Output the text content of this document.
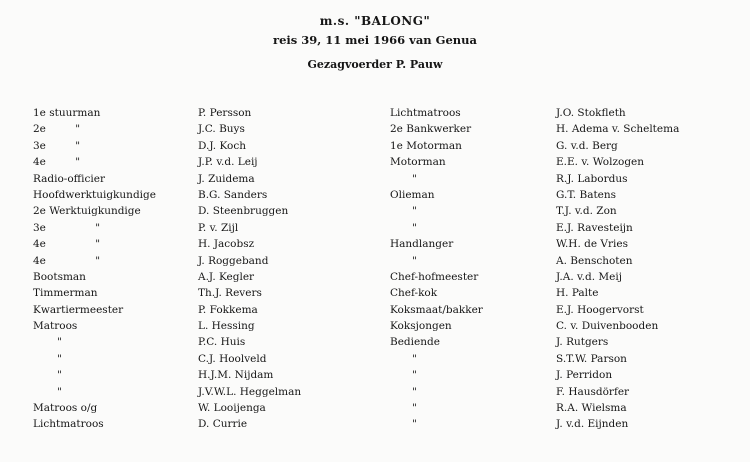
m.s. "BALONG"
reis 39, 11 mei 1966 van Genua
Gezagvoerder P. Pauw
1e stuurman
2e "
3e "
4e "
Radio-officier
Hoofdwerktuigkundige
2e Werktuigkundige
3e "
4e "
4e "
Bootsman
Timmerman
Kwartiermeester
Matroos
"
"
"
"
Matroos o/g
Lichtmatroos
P. Persson
J.C. Buys
D.J. Koch
J.P. v.d. Leij
J. Zuidema
B.G. Sanders
D. Steenbruggen
P. v. Zijl
H. Jacobsz
J. Roggeband
A.J. Kegler
Th.J. Revers
P. Fokkema
L. Hessing
P.C. Huis
C.J. Hoolveld
H.J.M. Nijdam
J.V.W.L. Heggelman
W. Looijenga
D. Currie
Lichtmatroos
2e Bankwerker
1e Motorman
Motorman
"
Olieman
"
"
Handlanger
"
Chef-hofmeester
Chef-kok
Koksmaat/bakker
Koksjongen
Bediende
"
"
"
"
"
J.O. Stokfleth
H. Adema v. Scheltema
G. v.d. Berg
E.E. v. Wolzogen
R.J. Labordus
G.T. Batens
T.J. v.d. Zon
E.J. Ravesteijn
W.H. de Vries
A. Benschoten
J.A. v.d. Meij
H. Palte
E.J. Hoogervorst
C. v. Duivenbooden
J. Rutgers
S.T.W. Parson
J. Perridon
F. Hausdörfer
R.A. Wielsma
J. v.d. Eijnden
